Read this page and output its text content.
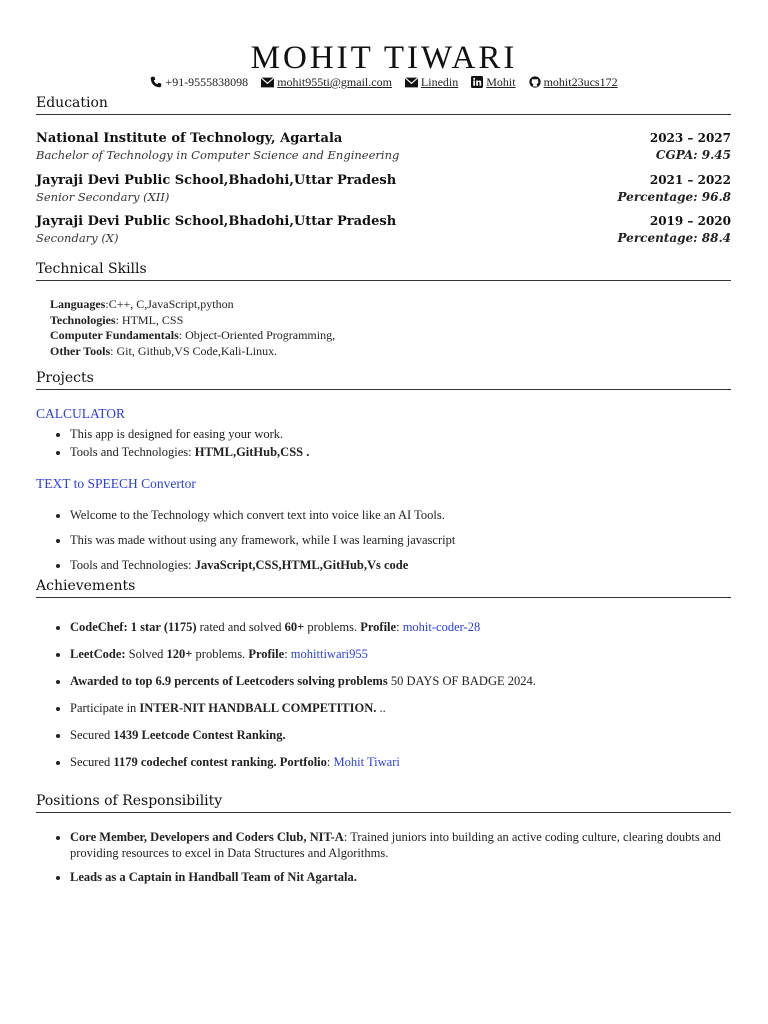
MOHIT TIWARI
+91-9555838098 mohit955ti@gmail.com Linedin Mohit mohit23ucs172
Education
National Institute of Technology, Agartala
Bachelor of Technology in Computer Science and Engineering
2023 – 2027
CGPA: 9.45
Jayraji Devi Public School,Bhadohi,Uttar Pradesh
Senior Secondary (XII)
2021 – 2022
Percentage: 96.8
Jayraji Devi Public School,Bhadohi,Uttar Pradesh
Secondary (X)
2019 – 2020
Percentage: 88.4
Technical Skills
Languages:C++, C,JavaScript,python
Technologies: HTML, CSS
Computer Fundamentals: Object-Oriented Programming,
Other Tools: Git, Github,VS Code,Kali-Linux.
Projects
CALCULATOR
• This app is designed for easing your work.
• Tools and Technologies: HTML,GitHub,CSS .
TEXT to SPEECH Convertor
• Welcome to the Technology which convert text into voice like an AI Tools.
• This was made without using any framework, while I was learning javascript
• Tools and Technologies: JavaScript,CSS,HTML,GitHub,Vs code
Achievements
• CodeChef: 1 star (1175) rated and solved 60+ problems. Profile: mohit-coder-28
• LeetCode: Solved 120+ problems. Profile: mohittiwari955
• Awarded to top 6.9 percents of Leetcoders solving problems 50 DAYS OF BADGE 2024.
• Participate in INTER-NIT HANDBALL COMPETITION. ..
• Secured 1439 Leetcode Contest Ranking.
• Secured 1179 codechef contest ranking. Portfolio: Mohit Tiwari
Positions of Responsibility
• Core Member, Developers and Coders Club, NIT-A: Trained juniors into building an active coding culture, clearing doubts and providing resources to excel in Data Structures and Algorithms.
• Leads as a Captain in Handball Team of Nit Agartala.
